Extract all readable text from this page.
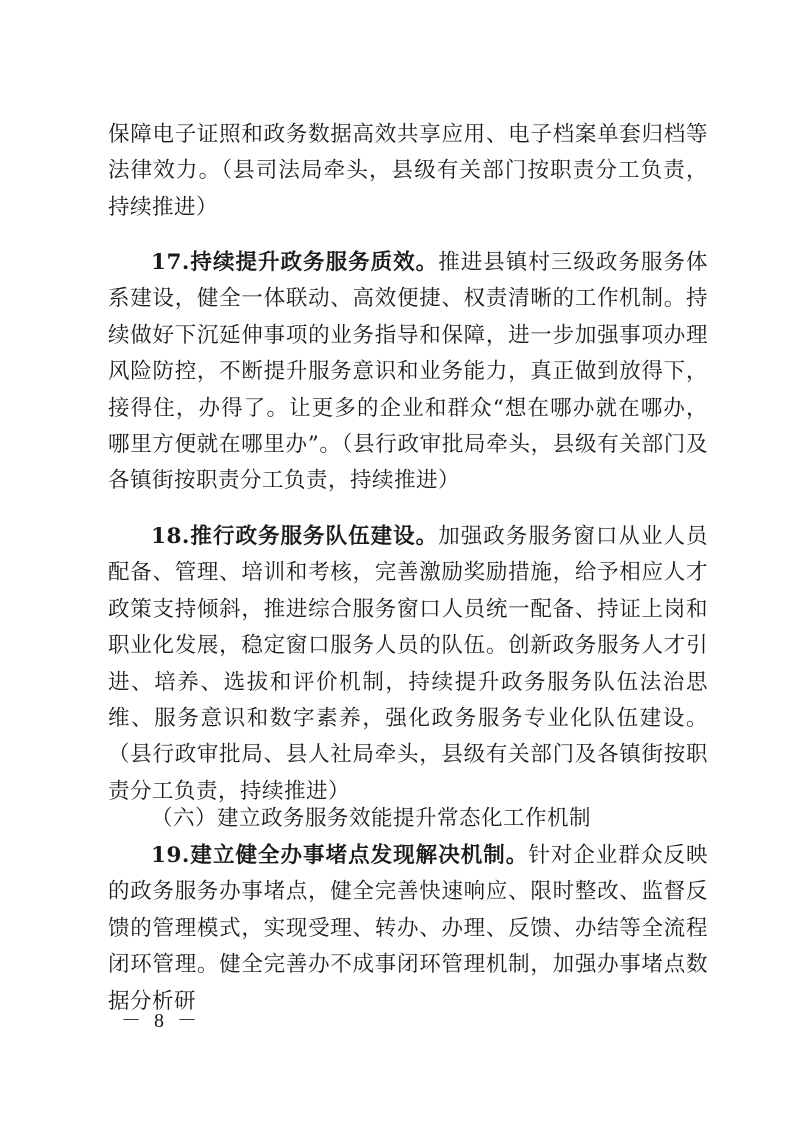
保障电子证照和政务数据高效共享应用、电子档案单套归档等法律效力。（县司法局牵头，县级有关部门按职责分工负责，持续推进）

17.持续提升政务服务质效。推进县镇村三级政务服务体系建设，健全一体联动、高效便捷、权责清晰的工作机制。持续做好下沉延伸事项的业务指导和保障，进一步加强事项办理风险防控，不断提升服务意识和业务能力，真正做到放得下，接得住，办得了。让更多的企业和群众“想在哪办就在哪办，哪里方便就在哪里办”。（县行政审批局牵头，县级有关部门及各镇街按职责分工负责，持续推进）

18.推行政务服务队伍建设。加强政务服务窗口从业人员配备、管理、培训和考核，完善激励奖励措施，给予相应人才政策支持倾斜，推进综合服务窗口人员统一配备、持证上岗和职业化发展，稳定窗口服务人员的队伍。创新政务服务人才引进、培养、选拔和评价机制，持续提升政务服务队伍法治思维、服务意识和数字素养，强化政务服务专业化队伍建设。（县行政审批局、县人社局牵头，县级有关部门及各镇街按职责分工负责，持续推进）

（六）建立政务服务效能提升常态化工作机制

19.建立健全办事堵点发现解决机制。针对企业群众反映的政务服务办事堵点，健全完善快速响应、限时整改、监督反馈的管理模式，实现受理、转办、办理、反馈、办结等全流程闭环管理。健全完善办不成事闭环管理机制，加强办事堵点数据分析研

－ 8 －
